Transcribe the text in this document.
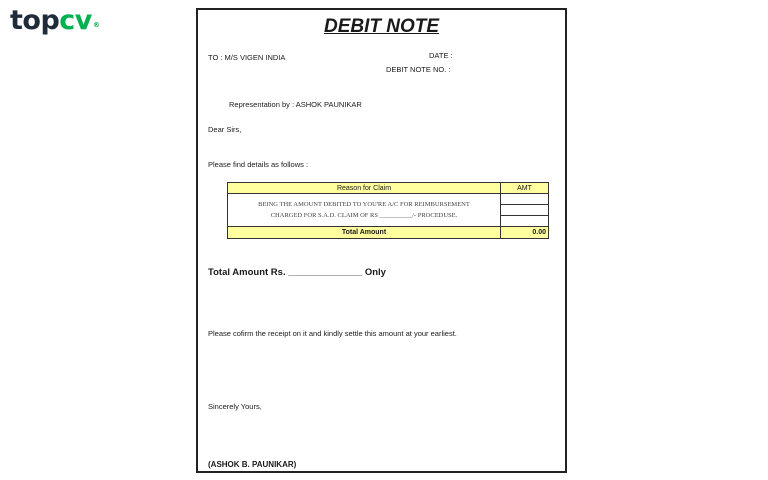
topcv®	DEBIT NOTE
TO : M/S VIGEN INDIA	DATE :
DEBIT NOTE NO. :
Representation by : ASHOK PAUNIKAR
Dear Sirs,
Please find details as follows :
Reason for Claim	AMT

BEING THE AMOUNT DEBITED TO YOU'RE A/C FOR REIMBURSEMENT
CHARGED FOR S.A.D. CLAIM OF RS __________/- PROCEDUSE.	

Total Amount	0.00
Total Amount Rs. ______________ Only
Please cofirm the receipt on it and kindly settle this amount at your earliest.
Sincerely Yours,
(ASHOK B. PAUNIKAR)
